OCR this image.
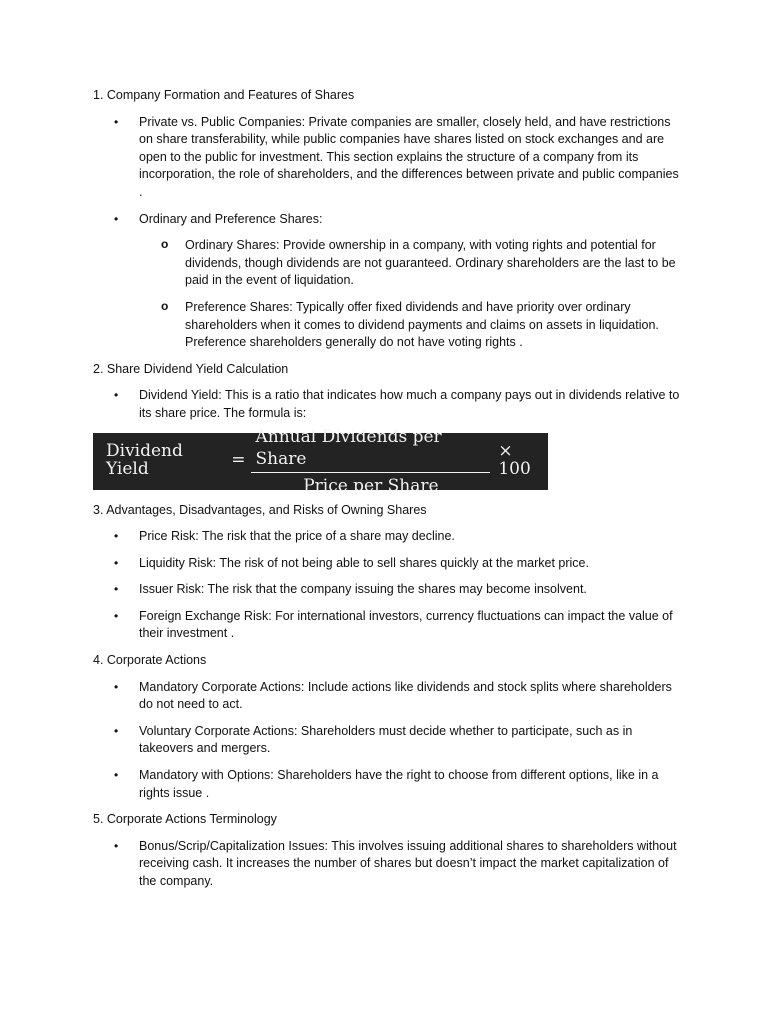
1. Company Formation and Features of Shares
• Private vs. Public Companies: Private companies are smaller, closely held, and have restrictions on share transferability, while public companies have shares listed on stock exchanges and are open to the public for investment. This section explains the structure of a company from its incorporation, the role of shareholders, and the differences between private and public companies .
• Ordinary and Preference Shares:
o Ordinary Shares: Provide ownership in a company, with voting rights and potential for dividends, though dividends are not guaranteed. Ordinary shareholders are the last to be paid in the event of liquidation.
o Preference Shares: Typically offer fixed dividends and have priority over ordinary shareholders when it comes to dividend payments and claims on assets in liquidation. Preference shareholders generally do not have voting rights .
2. Share Dividend Yield Calculation
• Dividend Yield: This is a ratio that indicates how much a company pays out in dividends relative to its share price. The formula is:
Dividend Yield	= $\frac{\text{Annual Dividends per Share}}{\text{Price per Share}} \times 100$
3. Advantages, Disadvantages, and Risks of Owning Shares
• Price Risk: The risk that the price of a share may decline.
• Liquidity Risk: The risk of not being able to sell shares quickly at the market price.
• Issuer Risk: The risk that the company issuing the shares may become insolvent.
• Foreign Exchange Risk: For international investors, currency fluctuations can impact the value of their investment .
4. Corporate Actions
• Mandatory Corporate Actions: Include actions like dividends and stock splits where shareholders do not need to act.
• Voluntary Corporate Actions: Shareholders must decide whether to participate, such as in takeovers and mergers.
• Mandatory with Options: Shareholders have the right to choose from different options, like in a rights issue .
5. Corporate Actions Terminology
• Bonus/Scrip/Capitalization Issues: This involves issuing additional shares to shareholders without receiving cash. It increases the number of shares but doesn’t impact the market capitalization of the company.
